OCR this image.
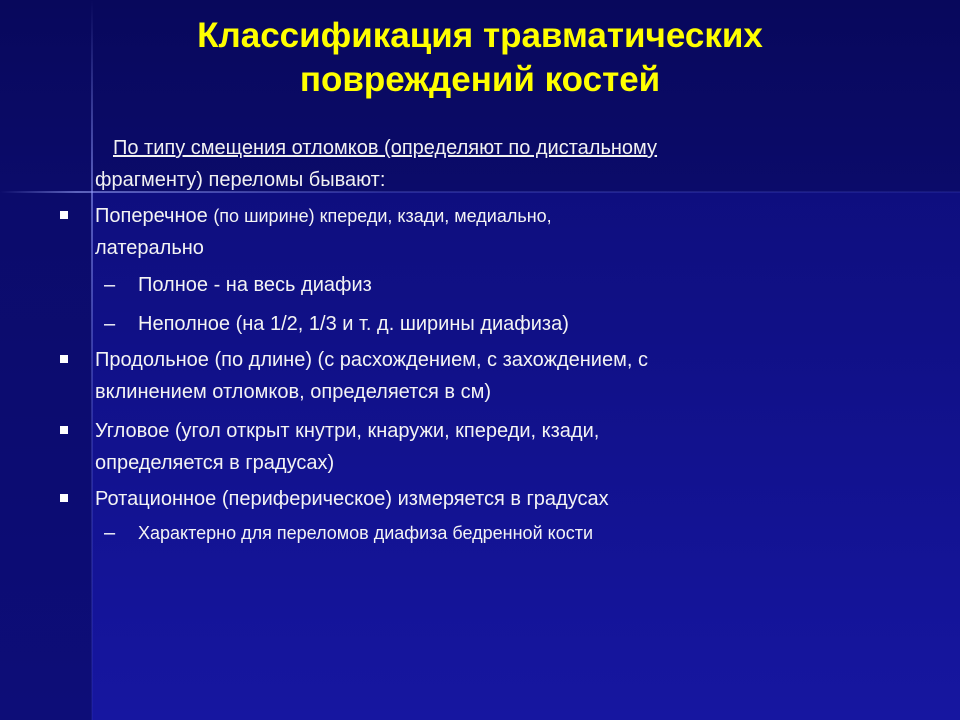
Классификация травматических
повреждений костей

По типу смещения отломков (определяют по дистальному
фрагменту) переломы бывают:

Поперечное (по ширине) кпереди, кзади, медиально,
латерально

– Полное - на весь диафиз

– Неполное (на 1/2, 1/3 и т. д. ширины диафиза)

Продольное (по длине) (с расхождением, с захождением, с
вклинением отломков, определяется в см)

Угловое (угол открыт кнутри, кнаружи, кпереди, кзади,
определяется в градусах)

Ротационное (периферическое) измеряется в градусах

– Характерно для переломов диафиза бедренной кости
